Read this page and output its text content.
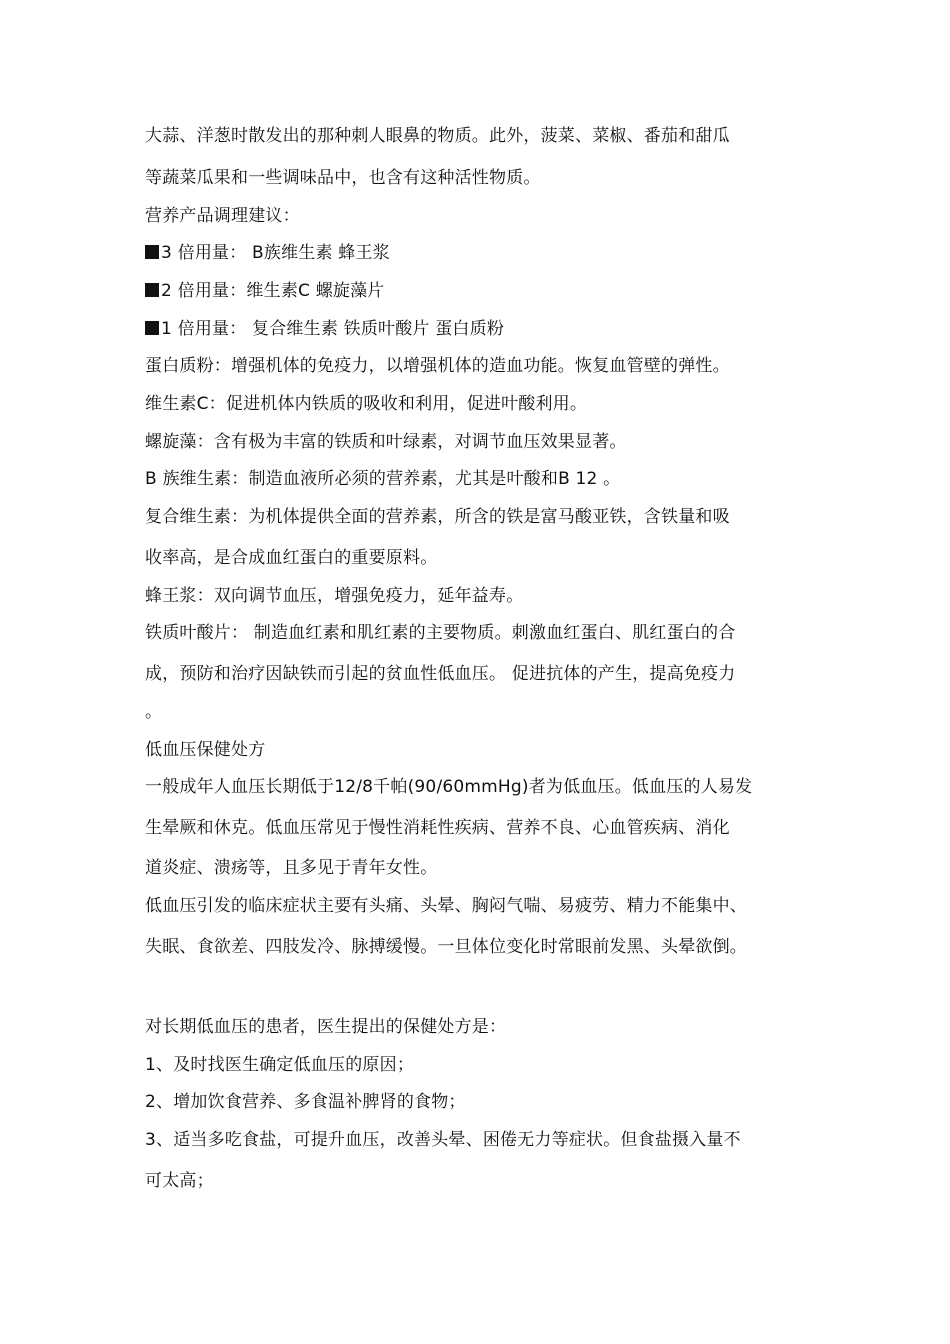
大蒜、洋葱时散发出的那种刺人眼鼻的物质。此外，菠菜、菜椒、番茄和甜瓜
等蔬菜瓜果和一些调味品中，也含有这种活性物质。
营养产品调理建议：
3 倍用量： B族维生素 蜂王浆
2 倍用量：维生素C 螺旋藻片
1 倍用量： 复合维生素 铁质叶酸片 蛋白质粉
蛋白质粉：增强机体的免疫力，以增强机体的造血功能。恢复血管壁的弹性。
维生素C：促进机体内铁质的吸收和利用，促进叶酸利用。
螺旋藻：含有极为丰富的铁质和叶绿素，对调节血压效果显著。
B 族维生素：制造血液所必须的营养素，尤其是叶酸和B 12 。
复合维生素：为机体提供全面的营养素，所含的铁是富马酸亚铁，含铁量和吸
收率高，是合成血红蛋白的重要原料。
蜂王浆：双向调节血压，增强免疫力，延年益寿。
铁质叶酸片： 制造血红素和肌红素的主要物质。刺激血红蛋白、肌红蛋白的合
成，预防和治疗因缺铁而引起的贫血性低血压。 促进抗体的产生，提高免疫力
。
低血压保健处方
一般成年人血压长期低于12/8千帕(90/60mmHg)者为低血压。低血压的人易发
生晕厥和休克。低血压常见于慢性消耗性疾病、营养不良、心血管疾病、消化
道炎症、溃疡等，且多见于青年女性。
低血压引发的临床症状主要有头痛、头晕、胸闷气喘、易疲劳、精力不能集中、
失眠、食欲差、四肢发冷、脉搏缓慢。一旦体位变化时常眼前发黑、头晕欲倒。
对长期低血压的患者，医生提出的保健处方是：
1、及时找医生确定低血压的原因；
2、增加饮食营养、多食温补脾肾的食物；
3、适当多吃食盐，可提升血压，改善头晕、困倦无力等症状。但食盐摄入量不
可太高；
